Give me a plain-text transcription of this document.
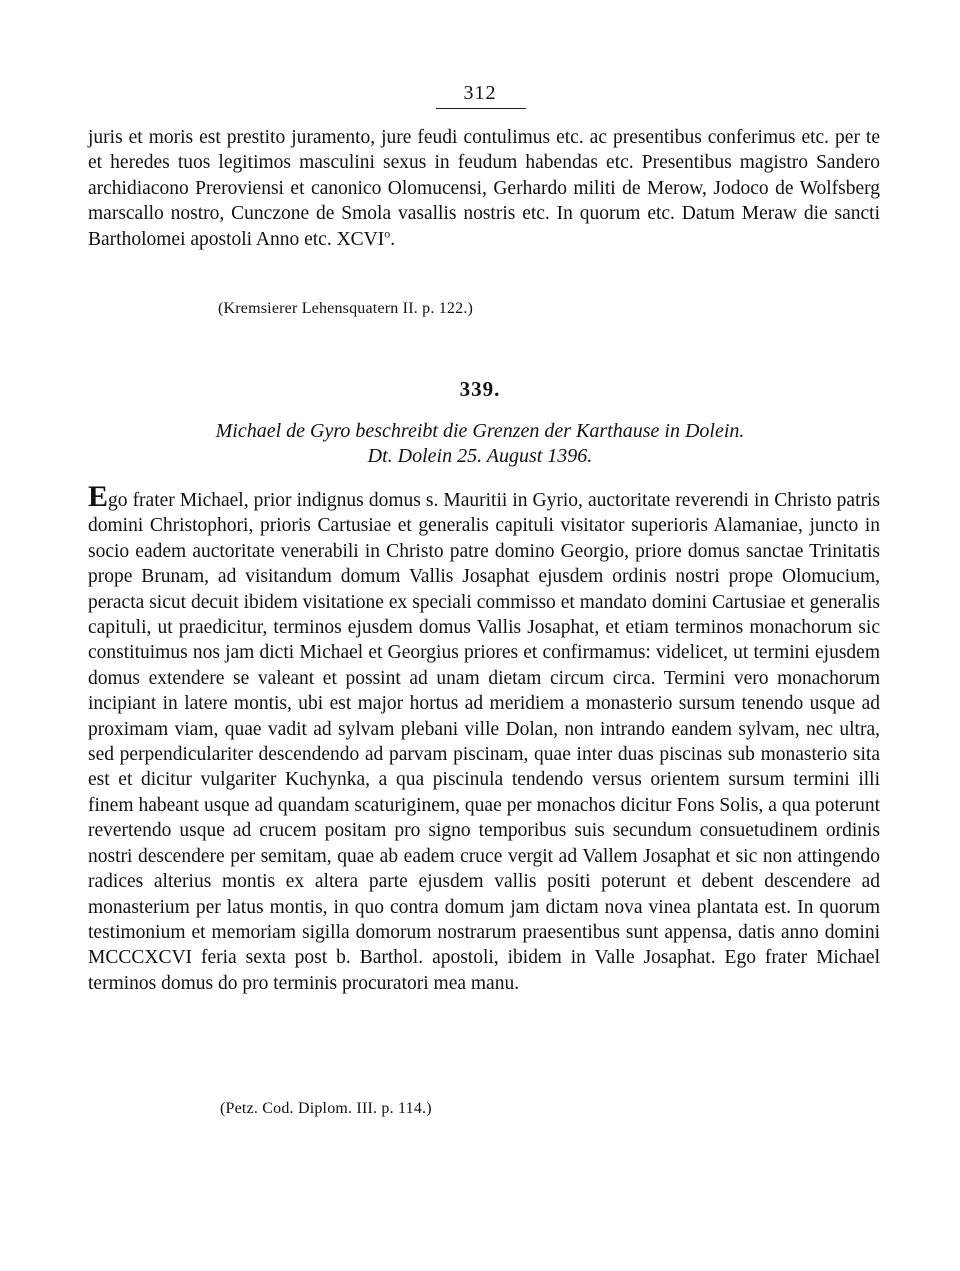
312
juris et moris est prestito juramento, jure feudi contulimus etc. ac presentibus conferimus etc. per te et heredes tuos legitimos masculini sexus in feudum habendas etc. Presentibus magistro Sandero archidiacono Preroviensi et canonico Olomucensi, Gerhardo militi de Merow, Jodoco de Wolfsberg marscallo nostro, Cunczone de Smola vasallis nostris etc. In quorum etc. Datum Meraw die sancti Bartholomei apostoli Anno etc. XCVI$^o$.
(Kremsierer Lehensquatern II. p. 122.)
339.
Michael de Gyro beschreibt die Grenzen der Karthause in Dolein.
Dt. Dolein 25. August 1396.
Ego frater Michael, prior indignus domus s. Mauritii in Gyrio, auctoritate reverendi in Christo patris domini Christophori, prioris Cartusiae et generalis capituli visitator superioris Alamaniae, juncto in socio eadem auctoritate venerabili in Christo patre domino Georgio, priore domus sanctae Trinitatis prope Brunam, ad visitandum domum Vallis Josaphat ejusdem ordinis nostri prope Olomucium, peracta sicut decuit ibidem visitatione ex speciali commisso et mandato domini Cartusiae et generalis capituli, ut praedicitur, terminos ejusdem domus Vallis Josaphat, et etiam terminos monachorum sic constituimus nos jam dicti Michael et Georgius priores et confirmamus: videlicet, ut termini ejusdem domus extendere se valeant et possint ad unam dietam circum circa. Termini vero monachorum incipiant in latere montis, ubi est major hortus ad meridiem a monasterio sursum tenendo usque ad proximam viam, quae vadit ad sylvam plebani ville Dolan, non intrando eandem sylvam, nec ultra, sed perpendiculariter descendendo ad parvam piscinam, quae inter duas piscinas sub monasterio sita est et dicitur vulgariter Kuchynka, a qua piscinula tendendo versus orientem sursum termini illi finem habeant usque ad quandam scaturiginem, quae per monachos dicitur Fons Solis, a qua poterunt revertendo usque ad crucem positam pro signo temporibus suis secundum consuetudinem ordinis nostri descendere per semitam, quae ab eadem cruce vergit ad Vallem Josaphat et sic non attingendo radices alterius montis ex altera parte ejusdem vallis positi poterunt et debent descendere ad monasterium per latus montis, in quo contra domum jam dictam nova vinea plantata est. In quorum testimonium et memoriam sigilla domorum nostrarum praesentibus sunt appensa, datis anno domini MCCCXCVI feria sexta post b. Barthol. apostoli, ibidem in Valle Josaphat. Ego frater Michael terminos domus do pro terminis procuratori mea manu.
(Petz. Cod. Diplom. III. p. 114.)
